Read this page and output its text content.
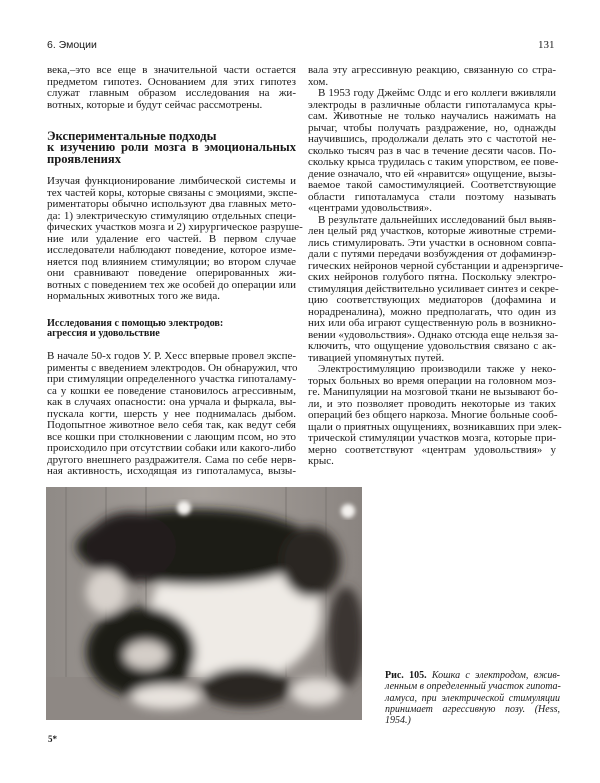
6. Эмоции	131
века,–это все еще в значительной части остается
предметом гипотез. Основанием для этих гипотез
служат главным образом исследования на жи-
вотных, которые и будут сейчас рассмотрены.
Экспериментальные подходы
к изучению роли мозга в эмоциональных
проявлениях
Изучая функционирование лимбической системы и
тех частей коры, которые связаны с эмоциями, экспе-
риментаторы обычно используют два главных мето-
да: 1) электрическую стимуляцию отдельных специ-
фических участков мозга и 2) хирургическое разруше-
ние или удаление его частей. В первом случае
исследователи наблюдают поведение, которое изме-
няется под влиянием стимуляции; во втором случае
они сравнивают поведение оперированных жи-
вотных с поведением тех же особей до операции или
нормальных животных того же вида.
Исследования с помощью электродов:
агрессия и удовольствие
В начале 50-х годов У. Р. Хесс впервые провел экспе-
рименты с введением электродов. Он обнаружил, что
при стимуляции определенного участка гипоталаму-
са у кошки ее поведение становилось агрессивным,
как в случаях опасности: она урчала и фыркала, вы-
пускала когти, шерсть у нее поднималась дыбом.
Подопытное животное вело себя так, как ведут себя
все кошки при столкновении с лающим псом, но это
происходило при отсутствии собаки или какого-либо
другого внешнего раздражителя. Сама по себе нерв-
ная активность, исходящая из гипоталамуса, вызы-
вала эту агрессивную реакцию, связанную со стра-
хом.
В 1953 году Джеймс Олдс и его коллеги вживляли
электроды в различные области гипоталамуса кры-
сам. Животные не только научались нажимать на
рычаг, чтобы получать раздражение, но, однажды
научившись, продолжали делать это с частотой не-
сколько тысяч раз в час в течение десяти часов. По-
скольку крыса трудилась с таким упорством, ее пове-
дение означало, что ей «нравится» ощущение, вызы-
ваемое такой самостимуляцией. Соответствующие
области гипоталамуса стали поэтому называть
«центрами удовольствия».
В результате дальнейших исследований был выяв-
лен целый ряд участков, которые животные стреми-
лись стимулировать. Эти участки в основном совпа-
дали с путями передачи возбуждения от дофаминэр-
гических нейронов черной субстанции и адренэргиче-
ских нейронов голубого пятна. Поскольку электро-
стимуляция действительно усиливает синтез и секре-
цию соответствующих медиаторов (дофамина и
норадреналина), можно предполагать, что один из
них или оба играют существенную роль в возникно-
вении «удовольствия». Однако отсюда еще нельзя за-
ключить, что ощущение удовольствия связано с ак-
тивацией упомянутых путей.
Электростимуляцию производили также у неко-
торых больных во время операции на головном моз-
ге. Манипуляции на мозговой ткани не вызывают бо-
ли, и это позволяет проводить некоторые из таких
операций без общего наркоза. Многие больные сооб-
щали о приятных ощущениях, возникавших при элек-
трической стимуляции участков мозга, которые при-
мерно соответствуют «центрам удовольствия» у
крыс.
Рис. 105. Кошка с электродом, вжив-
ленным в определенный участок гипота-
ламуса, при электрической стимуляции
принимает агрессивную позу. (Hess,
1954.)
5*
